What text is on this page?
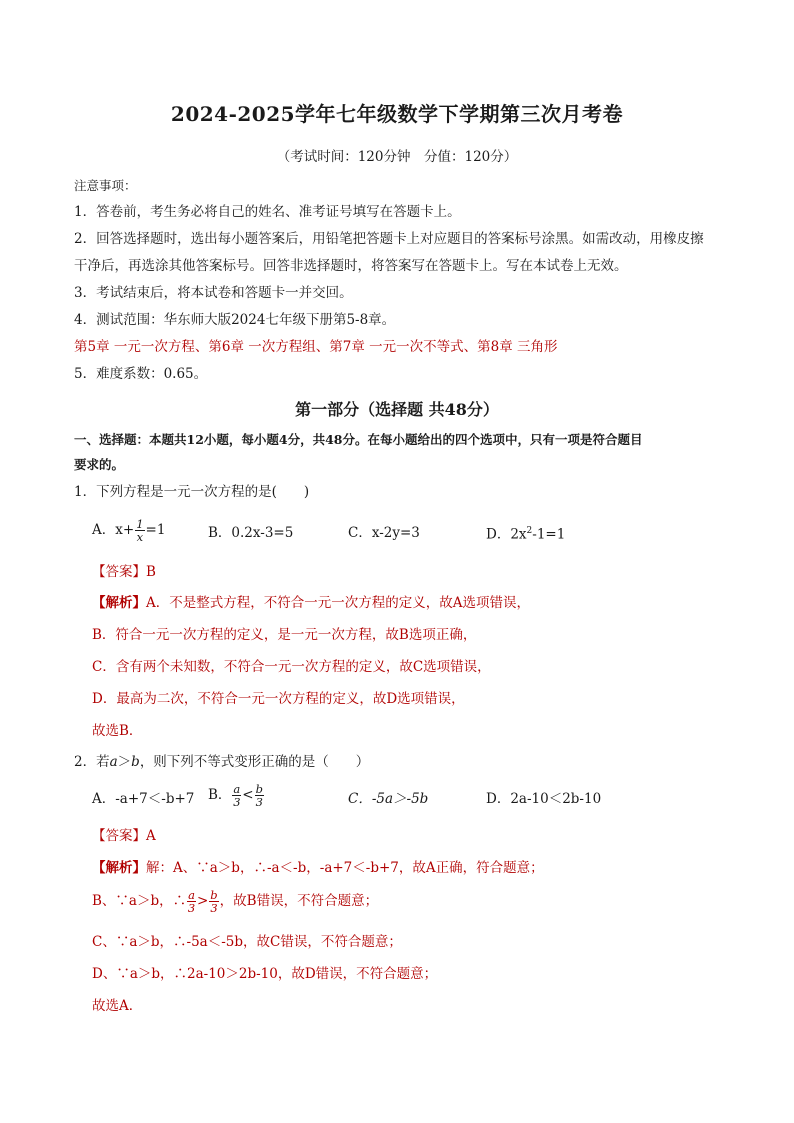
2024-2025学年七年级数学下学期第三次月考卷
（考试时间：120分钟　分值：120分）
注意事项：
1．答卷前，考生务必将自己的姓名、准考证号填写在答题卡上。
2．回答选择题时，选出每小题答案后，用铅笔把答题卡上对应题目的答案标号涂黑。如需改动，用橡皮擦
干净后，再选涂其他答案标号。回答非选择题时，将答案写在答题卡上。写在本试卷上无效。
3．考试结束后，将本试卷和答题卡一并交回。
4．测试范围：华东师大版2024七年级下册第5-8章。
第5章 一元一次方程、第6章 一次方程组、第7章 一元一次不等式、第8章 三角形
5．难度系数：0.65。
第一部分（选择题 共48分）
一、选择题：本题共12小题，每小题4分，共48分。在每小题给出的四个选项中，只有一项是符合题目
要求的。
1．下列方程是一元一次方程的是(　　)
A．$x+ \frac{1}{x} =1$	B．0.2x-3=5	C．x-2y=3	D．$2x^2-1=1$
【答案】B
【解析】A．不是整式方程，不符合一元一次方程的定义，故A选项错误，
B．符合一元一次方程的定义，是一元一次方程，故B选项正确，
C．含有两个未知数，不符合一元一次方程的定义，故C选项错误，
D．最高为二次，不符合一元一次方程的定义，故D选项错误，
故选B．
2．若a＞b，则下列不等式变形正确的是（　　）
A．-a+7＜-b+7 B． $\frac{a}{3} < \frac{b}{3}$	C．-5a＞-5b	D．2a-10＜2b-10
【答案】A
【解析】解：A、∵a＞b，∴-a＜-b，-a+7＜-b+7，故A正确，符合题意；
B、∵a＞b，∴ $\frac{a}{3} > \frac{b}{3}$ ，故B错误，不符合题意；
C、∵a＞b，∴-5a＜-5b，故C错误，不符合题意；
D、∵a＞b，∴2a-10＞2b-10，故D错误，不符合题意；
故选A．
